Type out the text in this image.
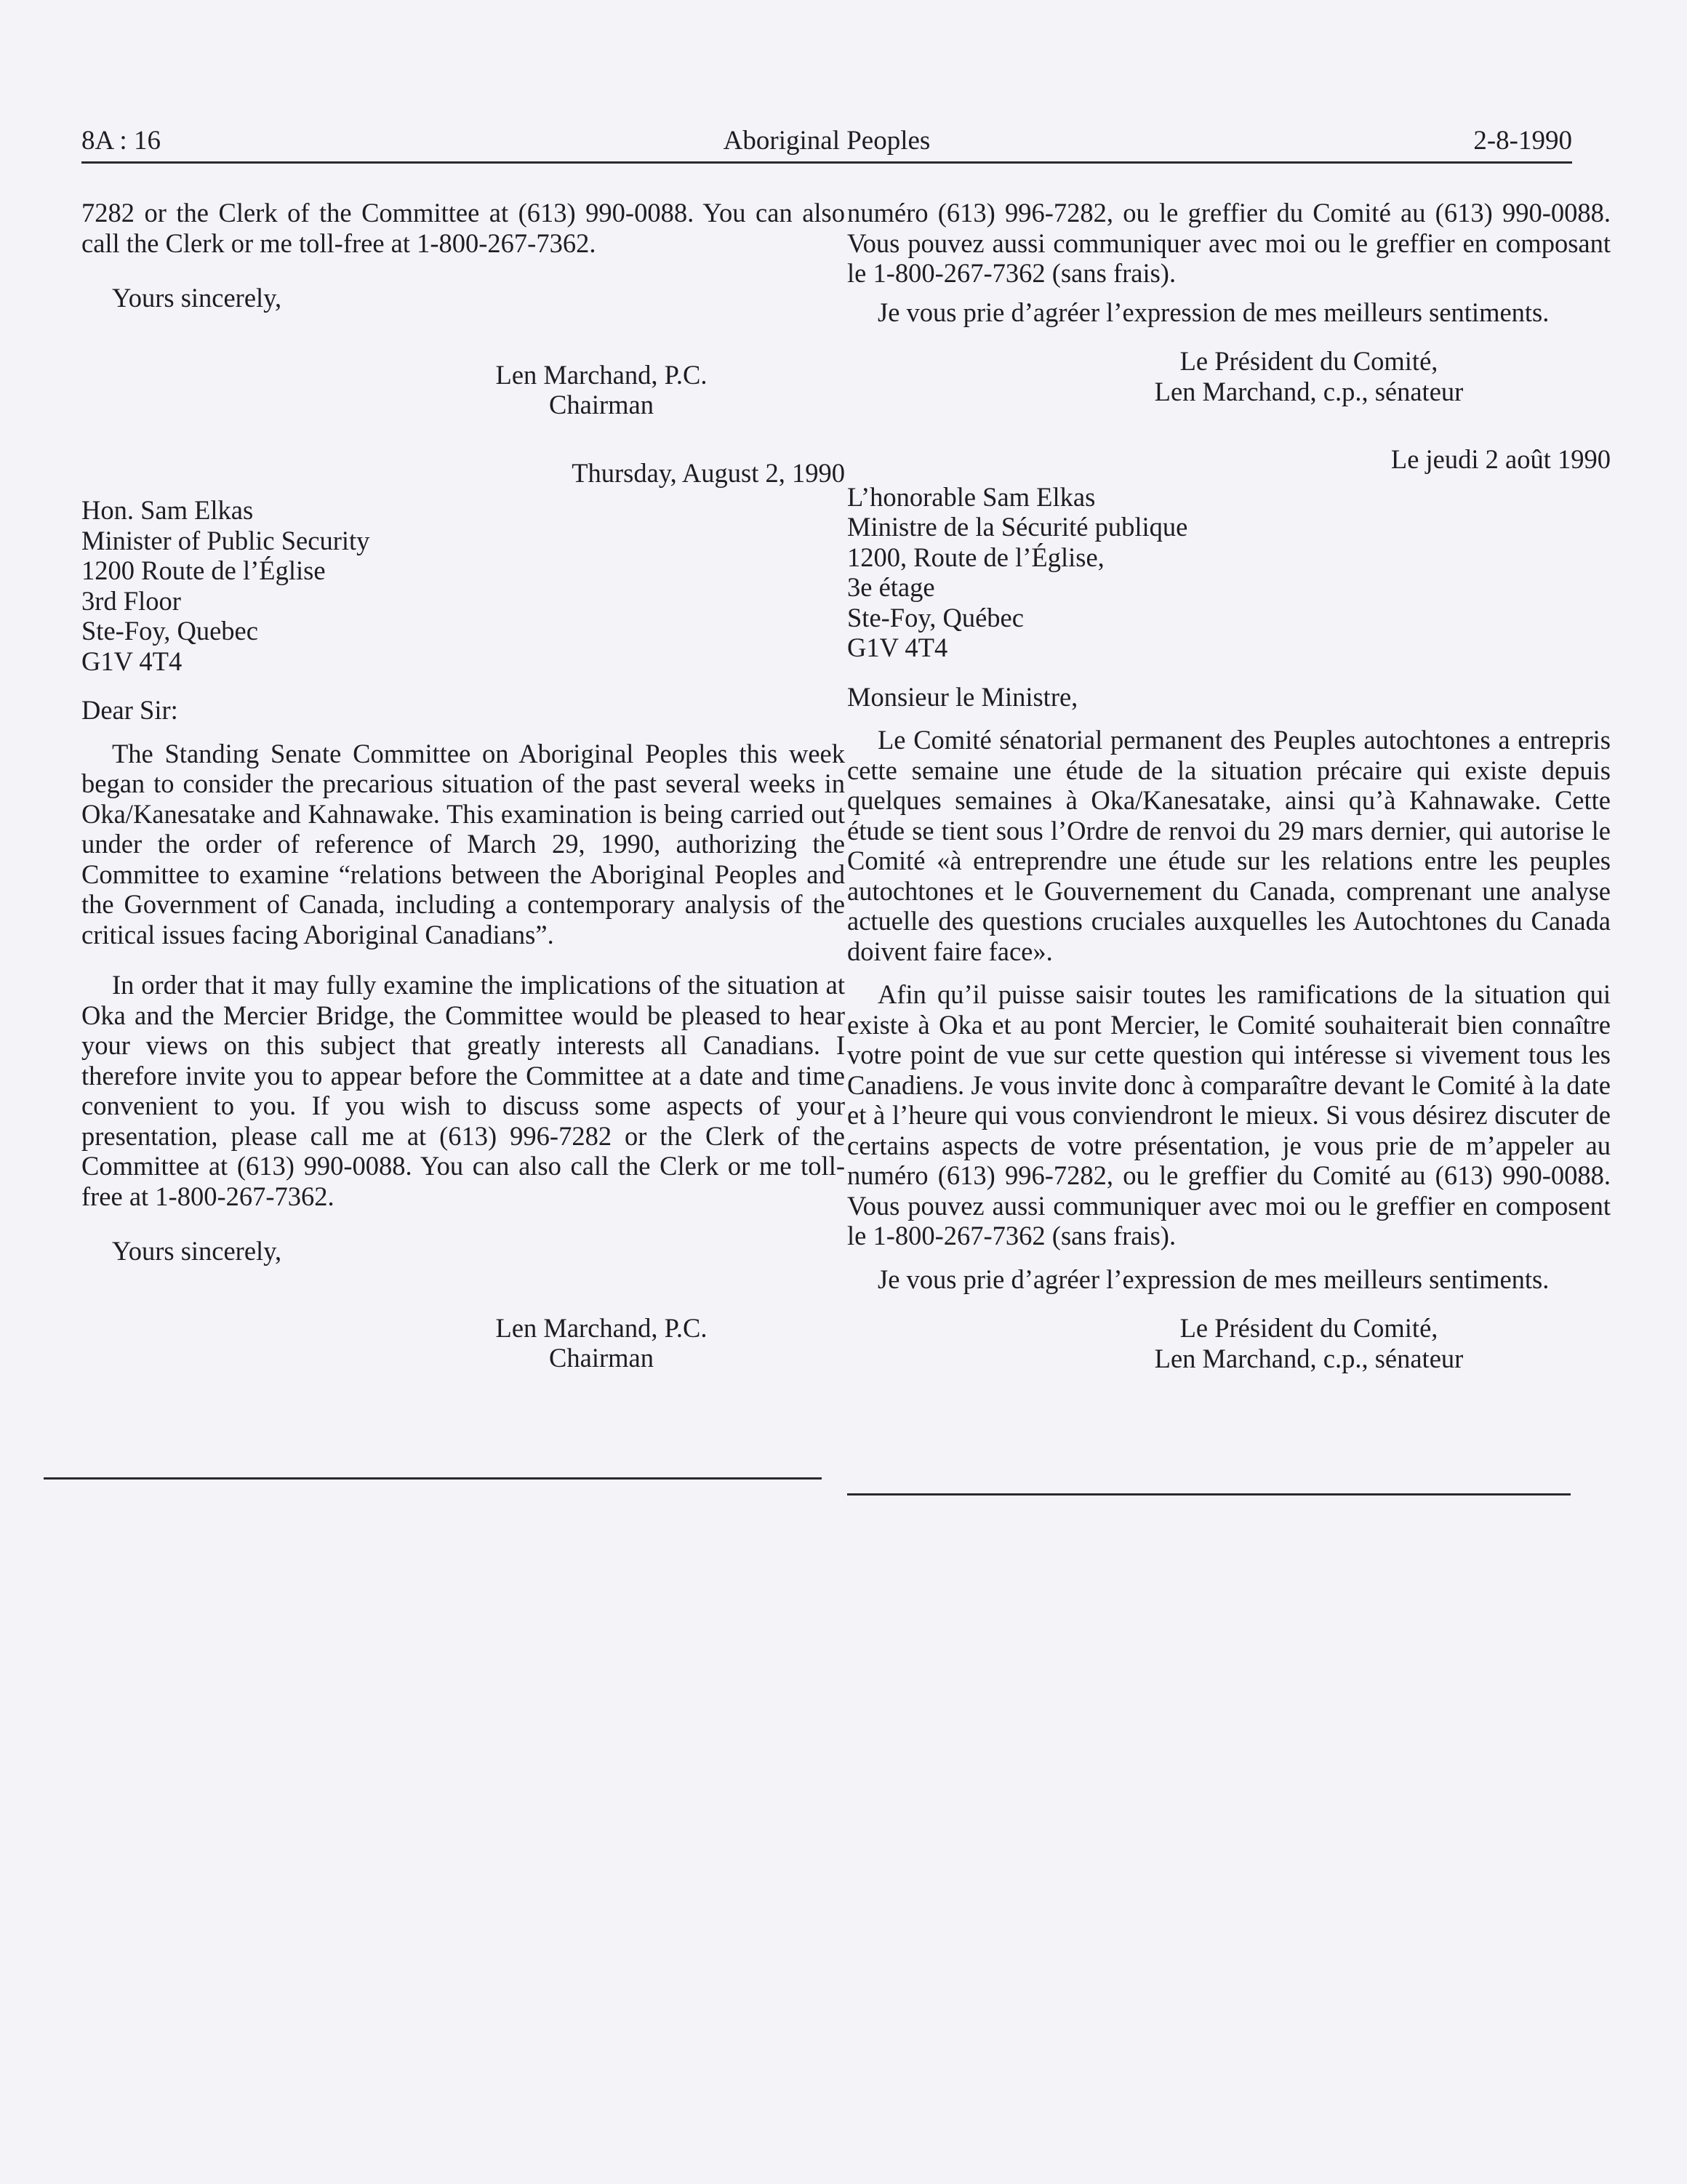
8A : 16	Aboriginal Peoples	2-8-1990

7282 or the Clerk of the Committee at (613) 990-0088. You can also call the Clerk or me toll-free at 1-800-267-7362.

Yours sincerely,

Len Marchand, P.C.

Chairman

Thursday, August 2, 1990

Hon. Sam Elkas

Minister of Public Security

1200 Route de l’Église

3rd Floor

Ste-Foy, Quebec

G1V 4T4

Dear Sir:

The Standing Senate Committee on Aboriginal Peoples this week began to consider the precarious situation of the past several weeks in Oka/Kanesatake and Kahnawake. This examination is being carried out under the order of reference of March 29, 1990, authorizing the Committee to examine “relations between the Aboriginal Peoples and the Government of Canada, including a contemporary analysis of the critical issues facing Aboriginal Canadians”.

In order that it may fully examine the implications of the situation at Oka and the Mercier Bridge, the Committee would be pleased to hear your views on this subject that greatly interests all Canadians. I therefore invite you to appear before the Committee at a date and time convenient to you. If you wish to discuss some aspects of your presentation, please call me at (613) 996-7282 or the Clerk of the Committee at (613) 990-0088. You can also call the Clerk or me toll-free at 1-800-267-7362.

Yours sincerely,

Len Marchand, P.C.

Chairman

numéro (613) 996-7282, ou le greffier du Comité au (613) 990-0088. Vous pouvez aussi communiquer avec moi ou le greffier en composant le 1-800-267-7362 (sans frais).

Je vous prie d’agréer l’expression de mes meilleurs sentiments.

Le Président du Comité,

Len Marchand, c.p., sénateur

Le jeudi 2 août 1990

L’honorable Sam Elkas

Ministre de la Sécurité publique

1200, Route de l’Église,

3e étage

Ste-Foy, Québec

G1V 4T4

Monsieur le Ministre,

Le Comité sénatorial permanent des Peuples autochtones a entrepris cette semaine une étude de la situation précaire qui existe depuis quelques semaines à Oka/Kanesatake, ainsi qu’à Kahnawake. Cette étude se tient sous l’Ordre de renvoi du 29 mars dernier, qui autorise le Comité «à entreprendre une étude sur les relations entre les peuples autochtones et le Gouvernement du Canada, comprenant une analyse actuelle des questions cruciales auxquelles les Autochtones du Canada doivent faire face».

Afin qu’il puisse saisir toutes les ramifications de la situation qui existe à Oka et au pont Mercier, le Comité souhaiterait bien connaître votre point de vue sur cette question qui intéresse si vivement tous les Canadiens. Je vous invite donc à comparaître devant le Comité à la date et à l’heure qui vous conviendront le mieux. Si vous désirez discuter de certains aspects de votre présentation, je vous prie de m’appeler au numéro (613) 996-7282, ou le greffier du Comité au (613) 990-0088. Vous pouvez aussi communiquer avec moi ou le greffier en composent le 1-800-267-7362 (sans frais).

Je vous prie d’agréer l’expression de mes meilleurs sentiments.

Le Président du Comité,

Len Marchand, c.p., sénateur
